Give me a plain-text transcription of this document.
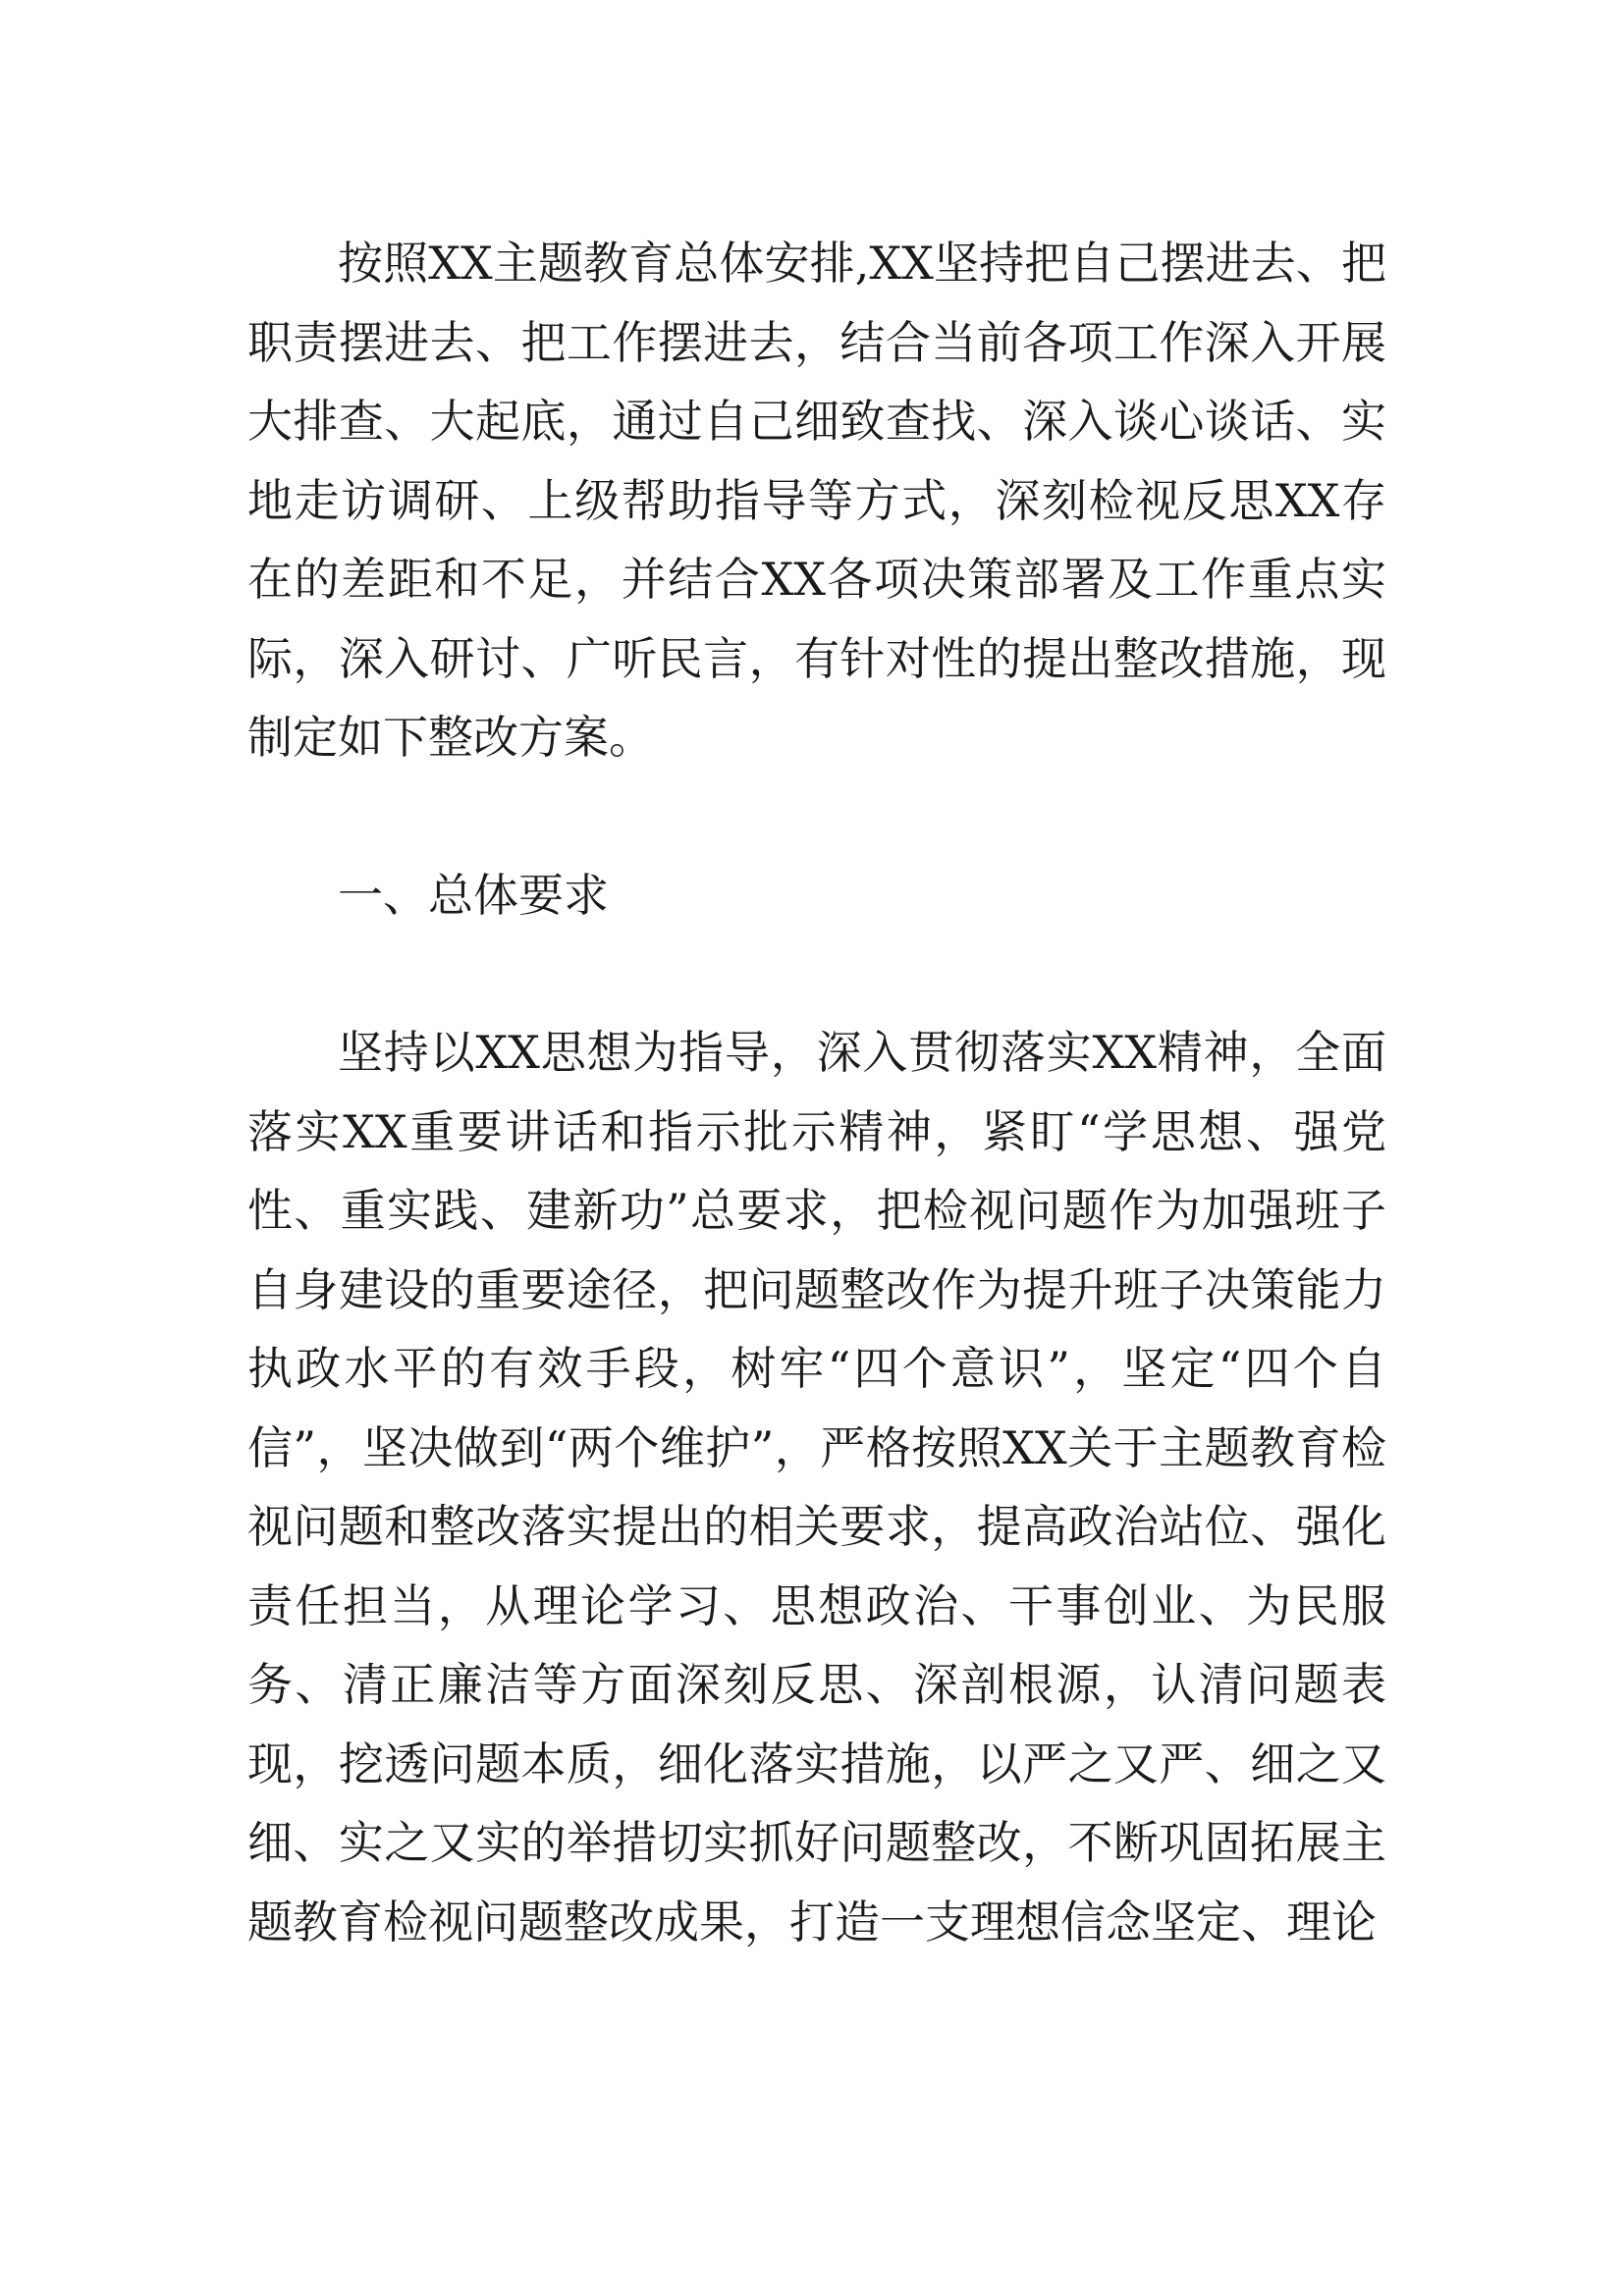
按照XX主题教育总体安排,XX坚持把自己摆进去、把职责摆进去、把工作摆进去，结合当前各项工作深入开展大排查、大起底，通过自己细致查找、深入谈心谈话、实地走访调研、上级帮助指导等方式，深刻检视反思XX存在的差距和不足，并结合XX各项决策部署及工作重点实际，深入研讨、广听民言，有针对性的提出整改措施，现制定如下整改方案。

一、总体要求

坚持以XX思想为指导，深入贯彻落实XX精神，全面落实XX重要讲话和指示批示精神，紧盯“学思想、强党性、重实践、建新功”总要求，把检视问题作为加强班子自身建设的重要途径，把问题整改作为提升班子决策能力执政水平的有效手段，树牢“四个意识”，坚定“四个自信”，坚决做到“两个维护”，严格按照XX关于主题教育检视问题和整改落实提出的相关要求，提高政治站位、强化责任担当，从理论学习、思想政治、干事创业、为民服务、清正廉洁等方面深刻反思、深剖根源，认清问题表现，挖透问题本质，细化落实措施，以严之又严、细之又细、实之又实的举措切实抓好问题整改，不断巩固拓展主题教育检视问题整改成果，打造一支理想信念坚定、理论
